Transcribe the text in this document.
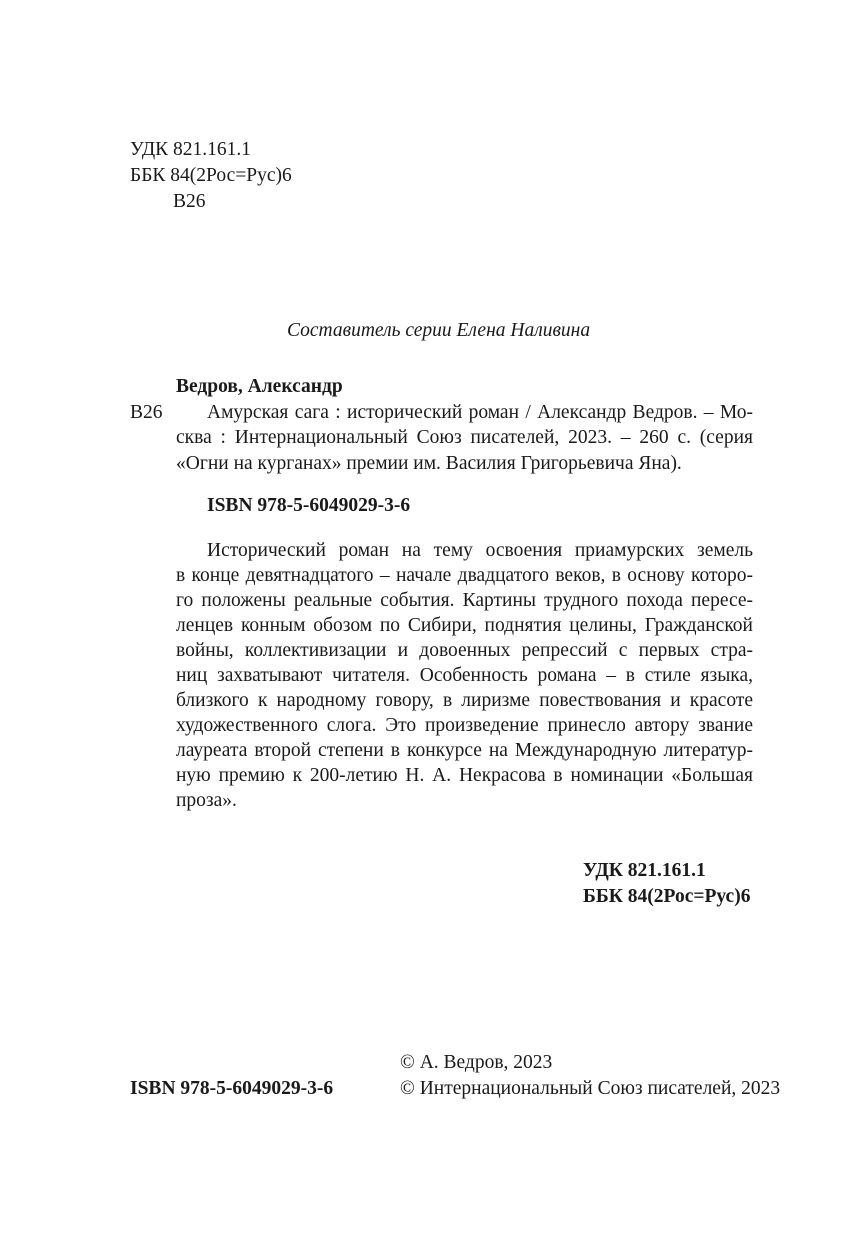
УДК 821.161.1
ББК 84(2Рос=Рус)6
В26
Составитель серии Елена Наливина
Ведров, Александр
В26 Амурская сага : исторический роман / Александр Ведров. – Мо-
сква : Интернациональный Союз писателей, 2023. – 260 с. (серия
«Огни на курганах» премии им. Василия Григорьевича Яна).
ISBN 978-5-6049029-3-6
Исторический роман на тему освоения приамурских земель
в конце девятнадцатого – начале двадцатого веков, в основу которо-
го положены реальные события. Картины трудного похода пересе-
ленцев конным обозом по Сибири, поднятия целины, Гражданской
войны, коллективизации и довоенных репрессий с первых стра-
ниц захватывают читателя. Особенность романа – в стиле языка,
близкого к народному говору, в лиризме повествования и красоте
художественного слога. Это произведение принесло автору звание
лауреата второй степени в конкурсе на Международную литератур-
ную премию к 200-летию Н. А. Некрасова в номинации «Большая
проза».
УДК 821.161.1
ББК 84(2Рос=Рус)6
ISBN 978-5-6049029-3-6
© А. Ведров, 2023
© Интернациональный Союз писателей, 2023
